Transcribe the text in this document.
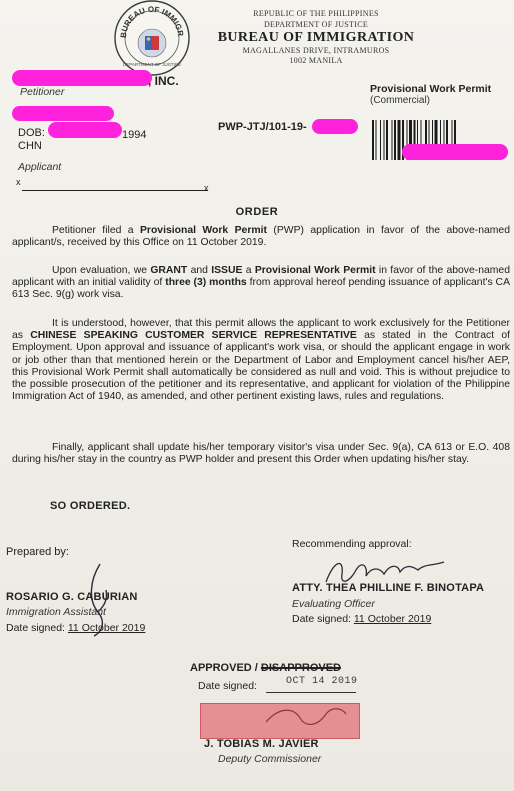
BUREAU OF IMMIGR
DEPARTMENT OF JUSTICE
REPUBLIC OF THE PHILIPPINES
DEPARTMENT OF JUSTICE
BUREAU OF IMMIGRATION
MAGALLANES DRIVE, INTRAMUROS
1002 MANILA
, INC.
Petitioner	Provisional Work Permit
(Commercial)
DOB:	1994
CHN
PWP-JTJ/101-19-
Applicant
x
x
ORDER

Petitioner filed a Provisional Work Permit (PWP) application in favor of the above-named applicant/s, received by this Office on 11 October 2019.

Upon evaluation, we GRANT and ISSUE a Provisional Work Permit in favor of the above-named applicant with an initial validity of three (3) months from approval hereof pending issuance of applicant's CA 613 Sec. 9(g) work visa.

It is understood, however, that this permit allows the applicant to work exclusively for the Petitioner as CHINESE SPEAKING CUSTOMER SERVICE REPRESENTATIVE as stated in the Contract of Employment. Upon approval and issuance of applicant's work visa, or should the applicant engage in work or job other than that mentioned herein or the Department of Labor and Employment cancel his/her AEP, this Provisional Work Permit shall automatically be considered as null and void. This is without prejudice to the possible prosecution of the petitioner and its representative, and applicant for violation of the Philippine Immigration Act of 1940, as amended, and other pertinent existing laws, rules and regulations.

Finally, applicant shall update his/her temporary visitor's visa under Sec. 9(a), CA 613 or E.O. 408 during his/her stay in the country as PWP holder and present this Order when updating his/her stay.

SO ORDERED.
Prepared by:
ROSARIO G. CABURIAN
Immigration Assistant
Date signed: 11 October 2019
Recommending approval:
ATTY. THEA PHILLINE F. BINOTAPA
Evaluating Officer
Date signed: 11 October 2019
APPROVED / DISAPPROVED
Date signed:	OCT 14 2019
J. TOBIAS M. JAVIER
Deputy Commissioner
